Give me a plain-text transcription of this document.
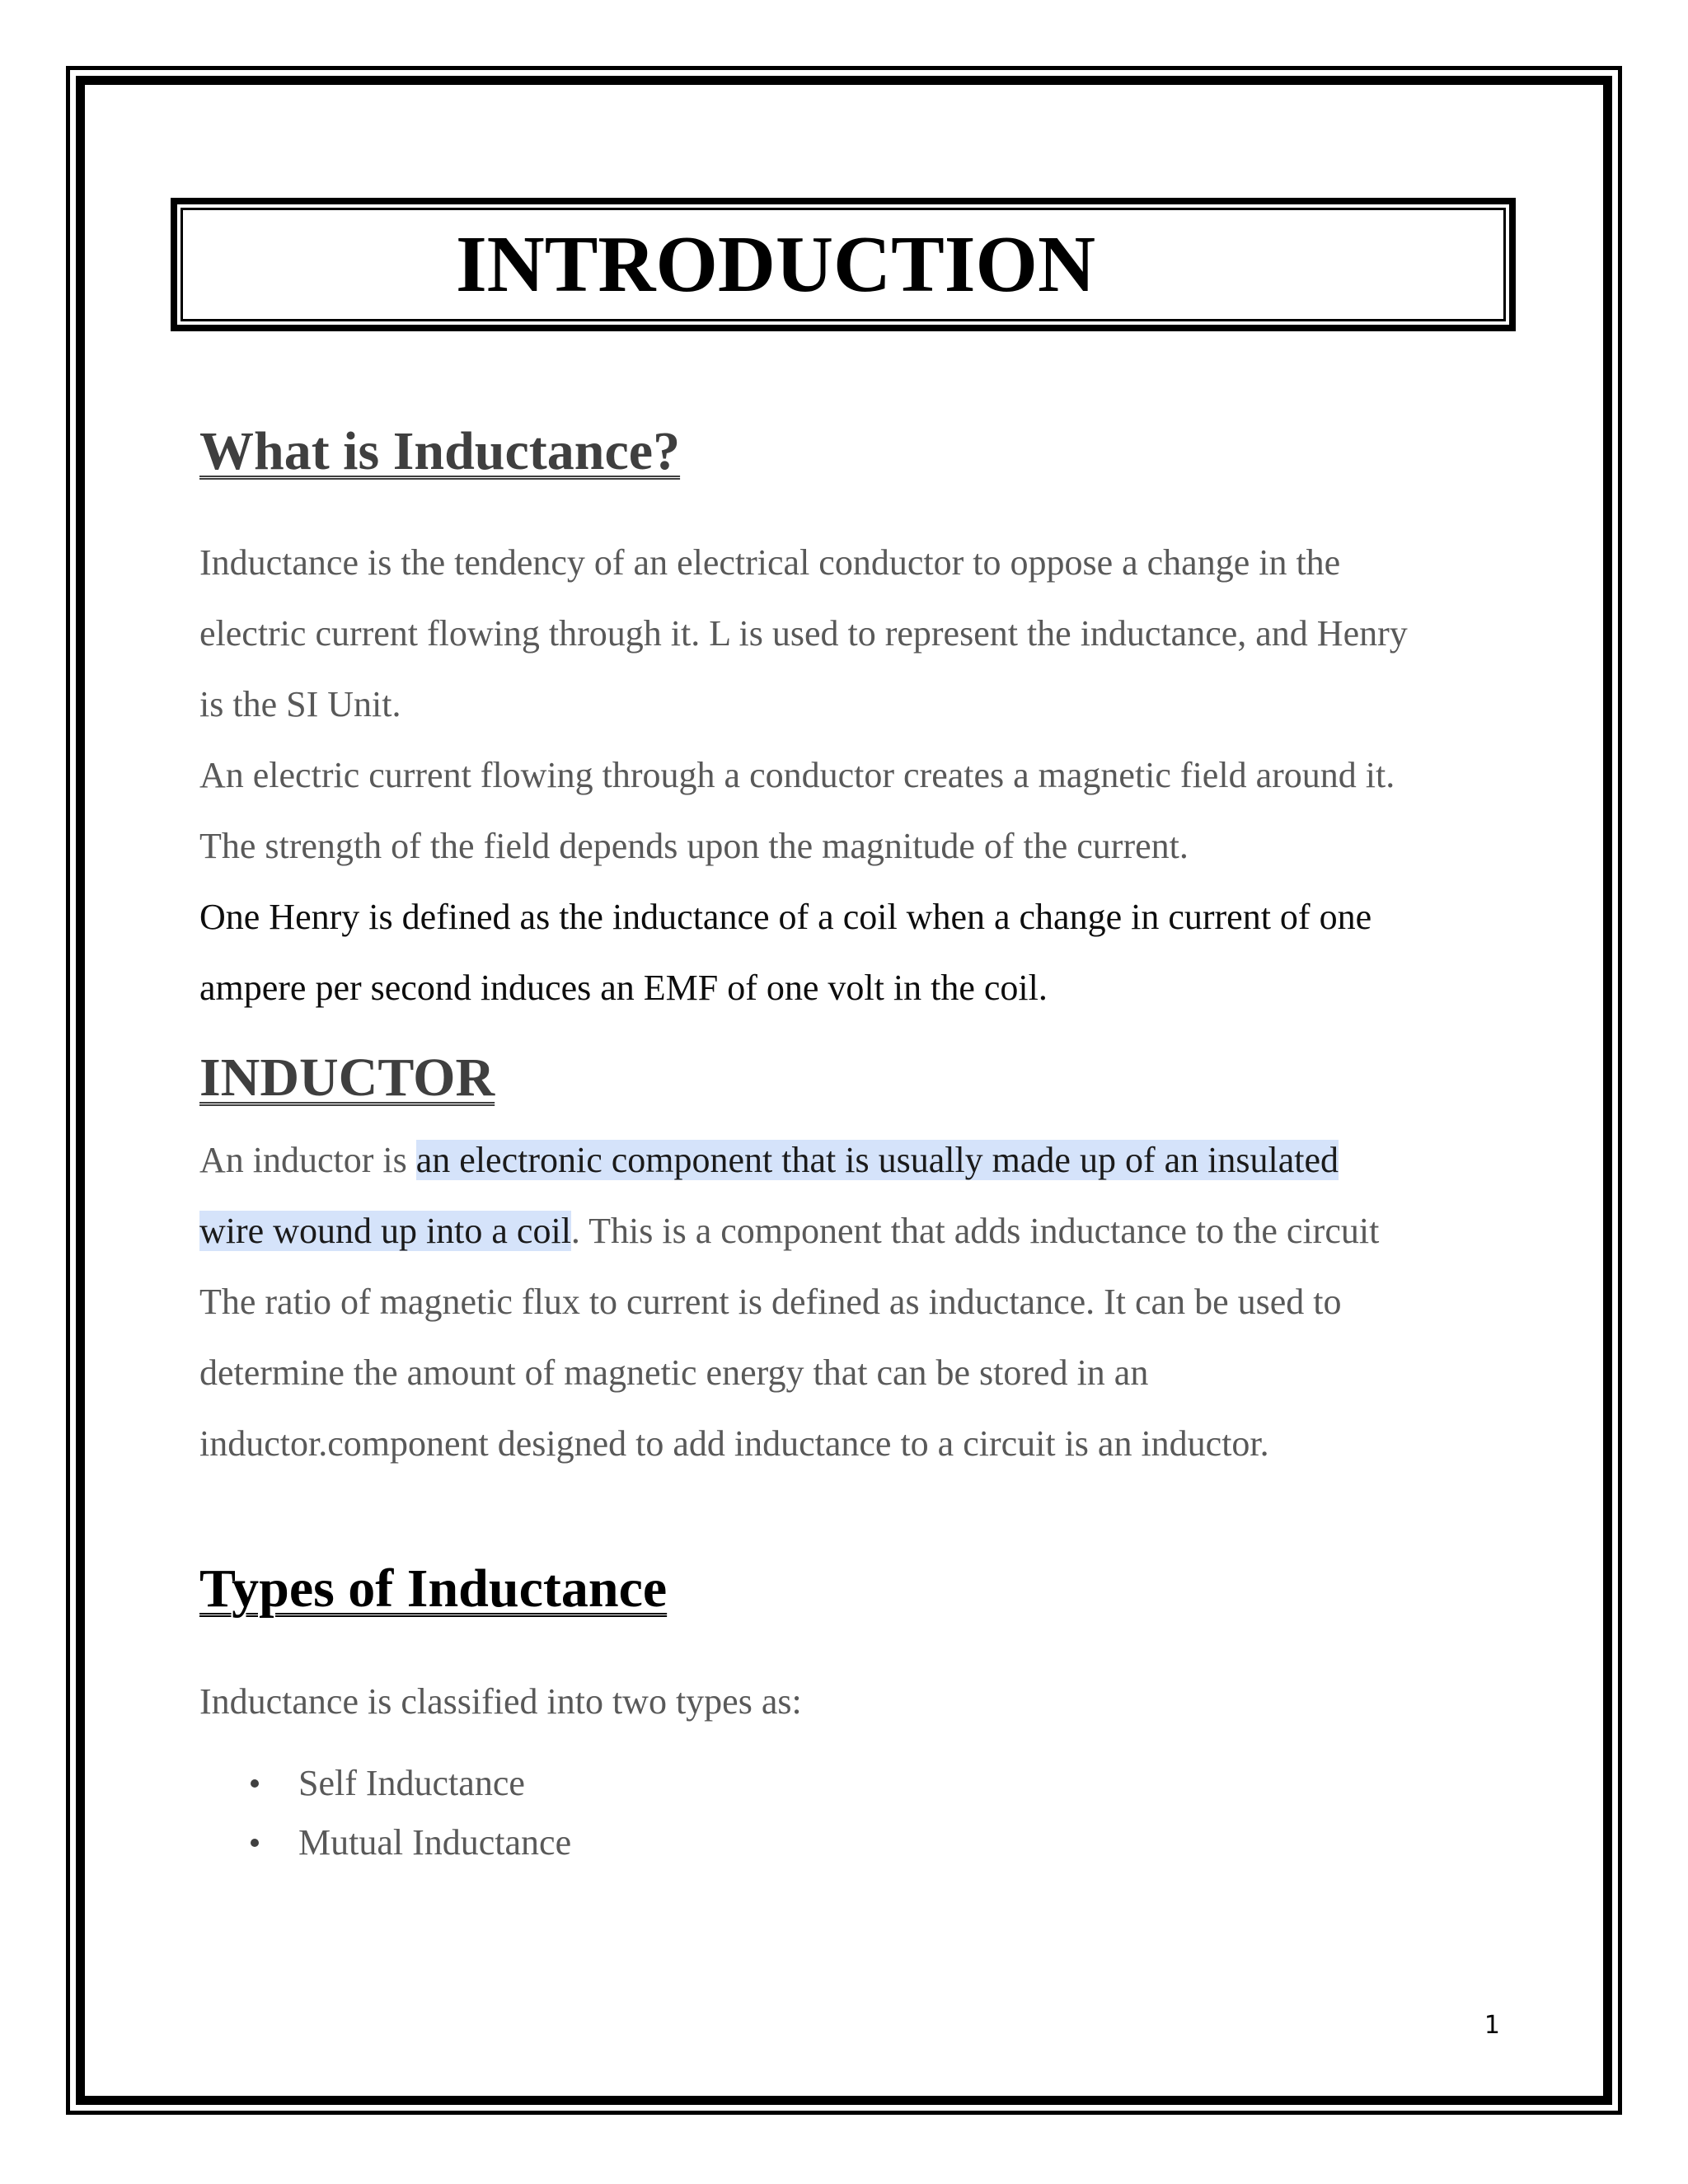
INTRODUCTION
What is Inductance?

Inductance is the tendency of an electrical conductor to oppose a change in the

electric current flowing through it. L is used to represent the inductance, and Henry

is the SI Unit.

An electric current flowing through a conductor creates a magnetic field around it.

The strength of the field depends upon the magnitude of the current.

One Henry is defined as the inductance of a coil when a change in current of one

ampere per second induces an EMF of one volt in the coil.

INDUCTOR

An inductor is an electronic component that is usually made up of an insulated

wire wound up into a coil. This is a component that adds inductance to the circuit

The ratio of magnetic flux to current is defined as inductance. It can be used to

determine the amount of magnetic energy that can be stored in an

inductor.component designed to add inductance to a circuit is an inductor.

Types of Inductance

Inductance is classified into two types as:

Self Inductance
Mutual Inductance

1
